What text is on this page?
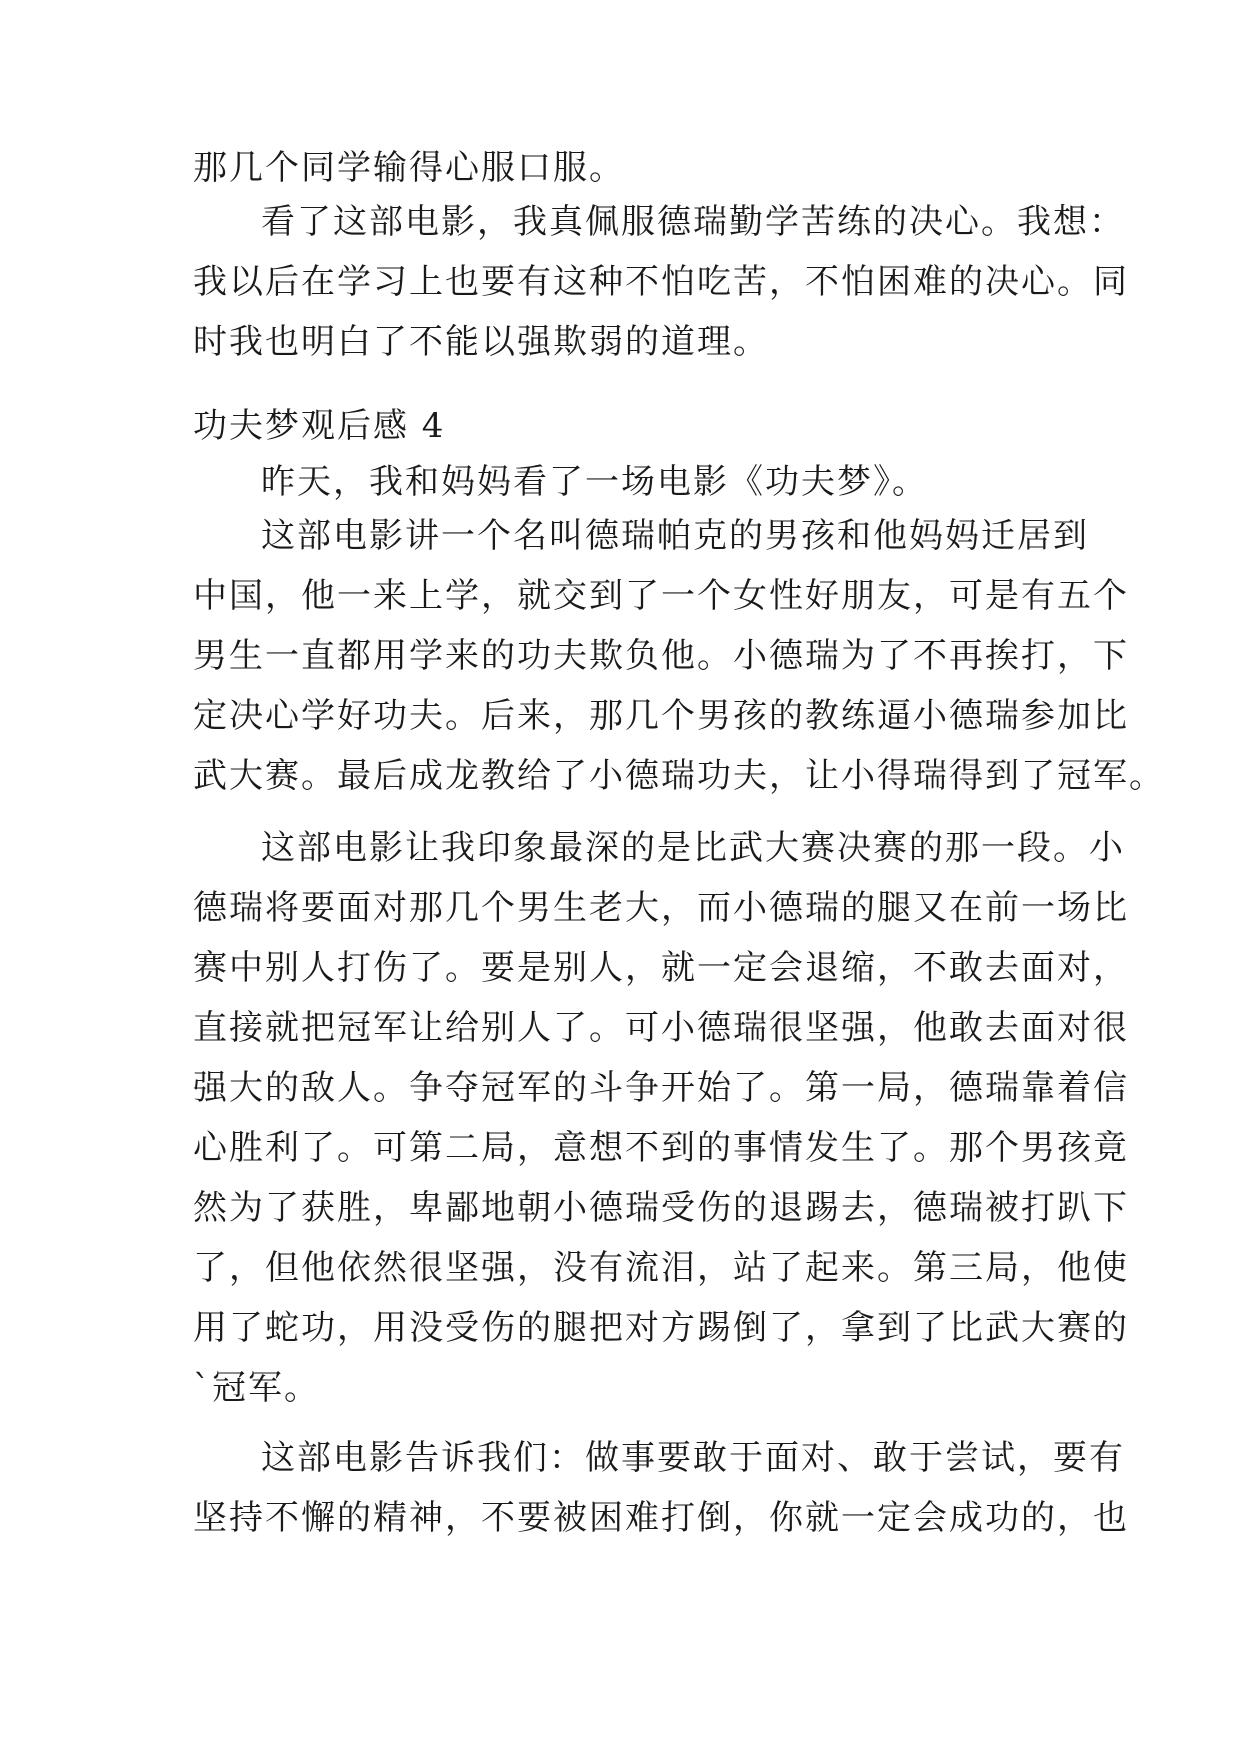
那几个同学输得心服口服。
看了这部电影，我真佩服德瑞勤学苦练的决心。我想：
我以后在学习上也要有这种不怕吃苦，不怕困难的决心。同
时我也明白了不能以强欺弱的道理。
功夫梦观后感 4
昨天，我和妈妈看了一场电影《功夫梦》。
这部电影讲一个名叫德瑞帕克的男孩和他妈妈迁居到
中国，他一来上学，就交到了一个女性好朋友，可是有五个
男生一直都用学来的功夫欺负他。小德瑞为了不再挨打，下
定决心学好功夫。后来，那几个男孩的教练逼小德瑞参加比
武大赛。最后成龙教给了小德瑞功夫，让小得瑞得到了冠军。
这部电影让我印象最深的是比武大赛决赛的那一段。小
德瑞将要面对那几个男生老大，而小德瑞的腿又在前一场比
赛中别人打伤了。要是别人，就一定会退缩，不敢去面对，
直接就把冠军让给别人了。可小德瑞很坚强，他敢去面对很
强大的敌人。争夺冠军的斗争开始了。第一局，德瑞靠着信
心胜利了。可第二局，意想不到的事情发生了。那个男孩竟
然为了获胜，卑鄙地朝小德瑞受伤的退踢去，德瑞被打趴下
了，但他依然很坚强，没有流泪，站了起来。第三局，他使
用了蛇功，用没受伤的腿把对方踢倒了，拿到了比武大赛的
`冠军。
这部电影告诉我们：做事要敢于面对、敢于尝试，要有
坚持不懈的精神，不要被困难打倒，你就一定会成功的，也
